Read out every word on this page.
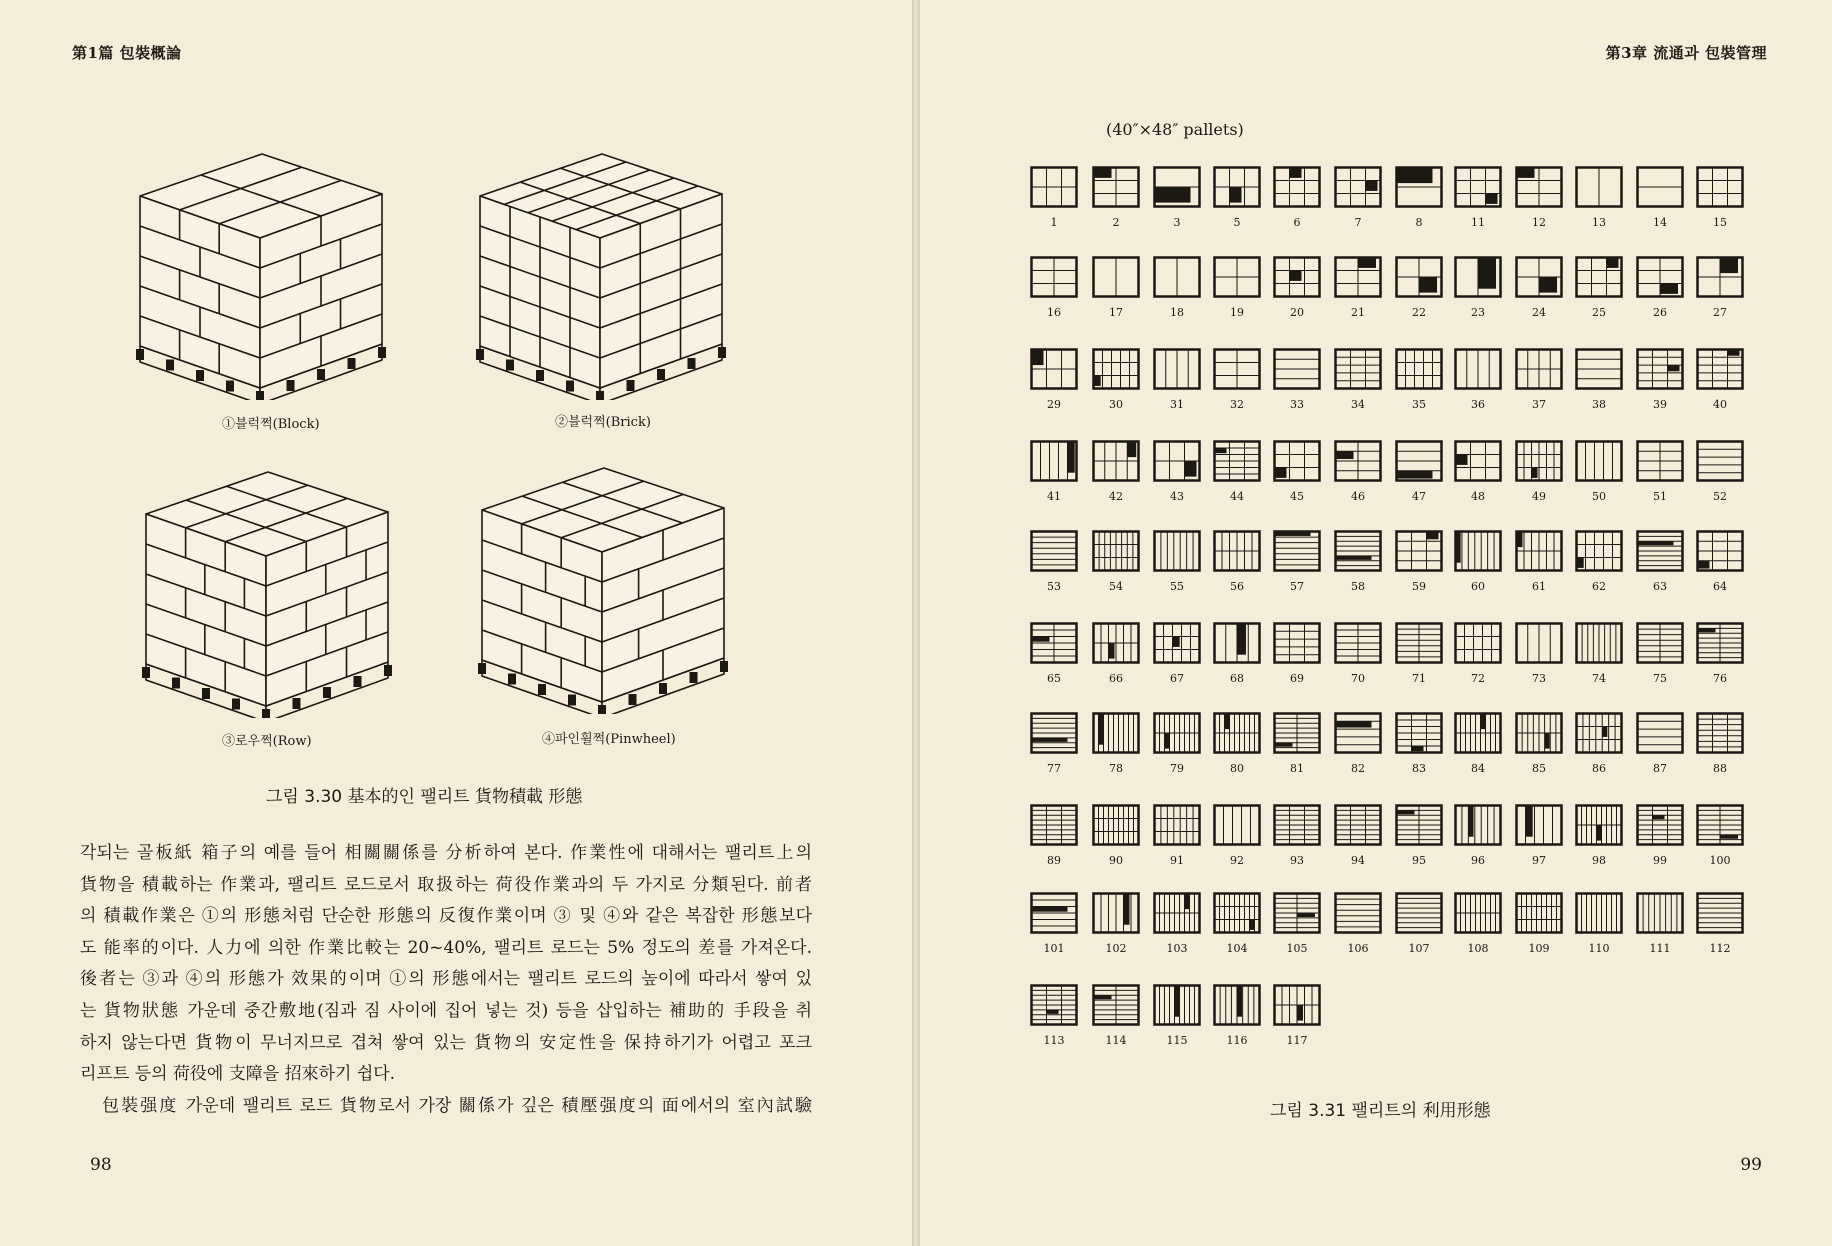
第1篇 包裝概論
①블럭쩍(Block)	②블럭쩍(Brick)
③로우쩍(Row)	④파인휠쩍(Pinwheel)
그림 3.30 基本的인 팰리트 貨物積載 形態
각되는 골板紙 箱子의 예를 들어 相關關係를 分析하여 본다. 作業性에 대해서는 팰리트上의
貨物을 積載하는 作業과, 팰리트 로드로서 取扱하는 荷役作業과의 두 가지로 分類된다. 前者
의 積載作業은 ①의 形態처럼 단순한 形態의 反復作業이며 ③ 및 ④와 같은 복잡한 形態보다
도 能率的이다. 人力에 의한 作業比較는 20~40%, 팰리트 로드는 5% 정도의 差를 가져온다.
後者는 ③과 ④의 形態가 效果的이며 ①의 形態에서는 팰리트 로드의 높이에 따라서 쌓여 있
는 貨物狀態 가운데 중간敷地(짐과 짐 사이에 집어 넣는 것) 등을 삽입하는 補助的 手段을 취
하지 않는다면 貨物이 무너지므로 겹쳐 쌓여 있는 貨物의 安定性을 保持하기가 어렵고 포크
리프트 등의 荷役에 支障을 招來하기 쉽다.
包裝强度 가운데 팰리트 로드 貨物로서 가장 關係가 깊은 積壓强度의 面에서의 室內試驗
98
第3章 流通과 包裝管理
(40″×48″ pallets)
1	2	3	5	6	7	8	11	12	13	14	15
16	17	18	19	20	21	22	23	24	25	26	27
29	30	31	32	33	34	35	36	37	38	39	40
41	42	43	44	45	46	47	48	49	50	51	52
53	54	55	56	57	58	59	60	61	62	63	64
65	66	67	68	69	70	71	72	73	74	75	76
77	78	79	80	81	82	83	84	85	86	87	88
89	90	91	92	93	94	95	96	97	98	99	100
101	102	103	104	105	106	107	108	109	110	111	112
113	114	115	116	117
그림 3.31 팰리트의 利用形態
99
